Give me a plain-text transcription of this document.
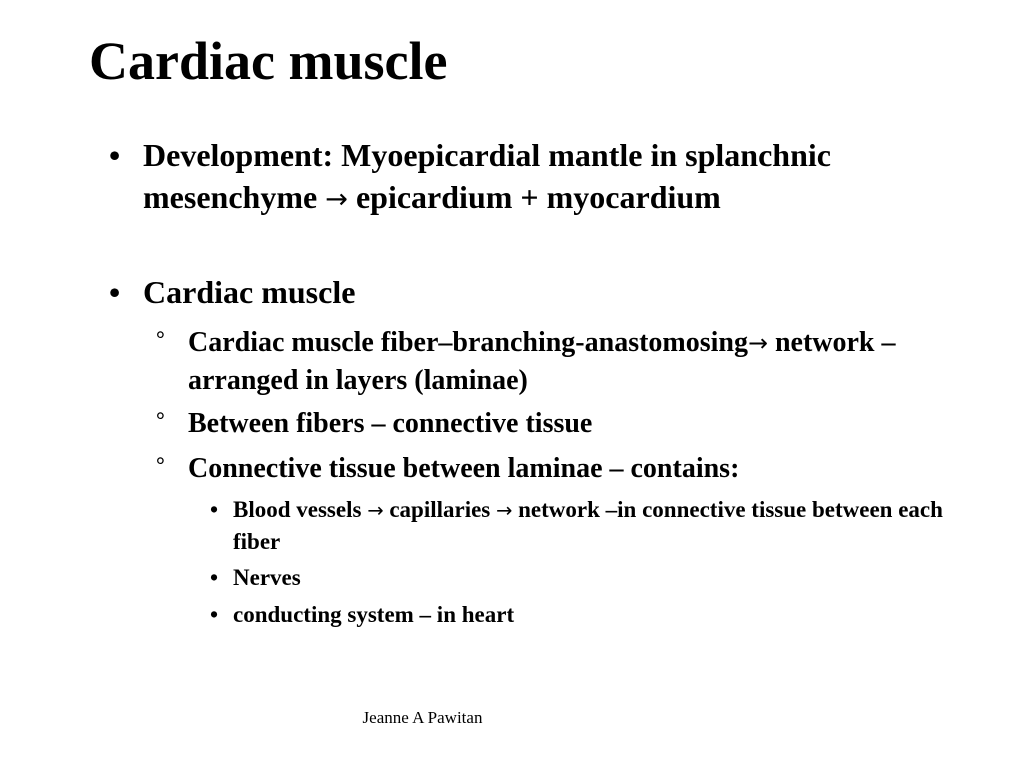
Cardiac muscle
• Development: Myoepicardial mantle in splanchnic mesenchyme → epicardium + myocardium
• Cardiac muscle
° Cardiac muscle fiber–branching-anastomosing→ network – arranged in layers (laminae)
° Between fibers – connective tissue
° Connective tissue between laminae – contains:
• Blood vessels → capillaries → network –in connective tissue between each fiber
• Nerves
• conducting system – in heart
Jeanne A Pawitan
